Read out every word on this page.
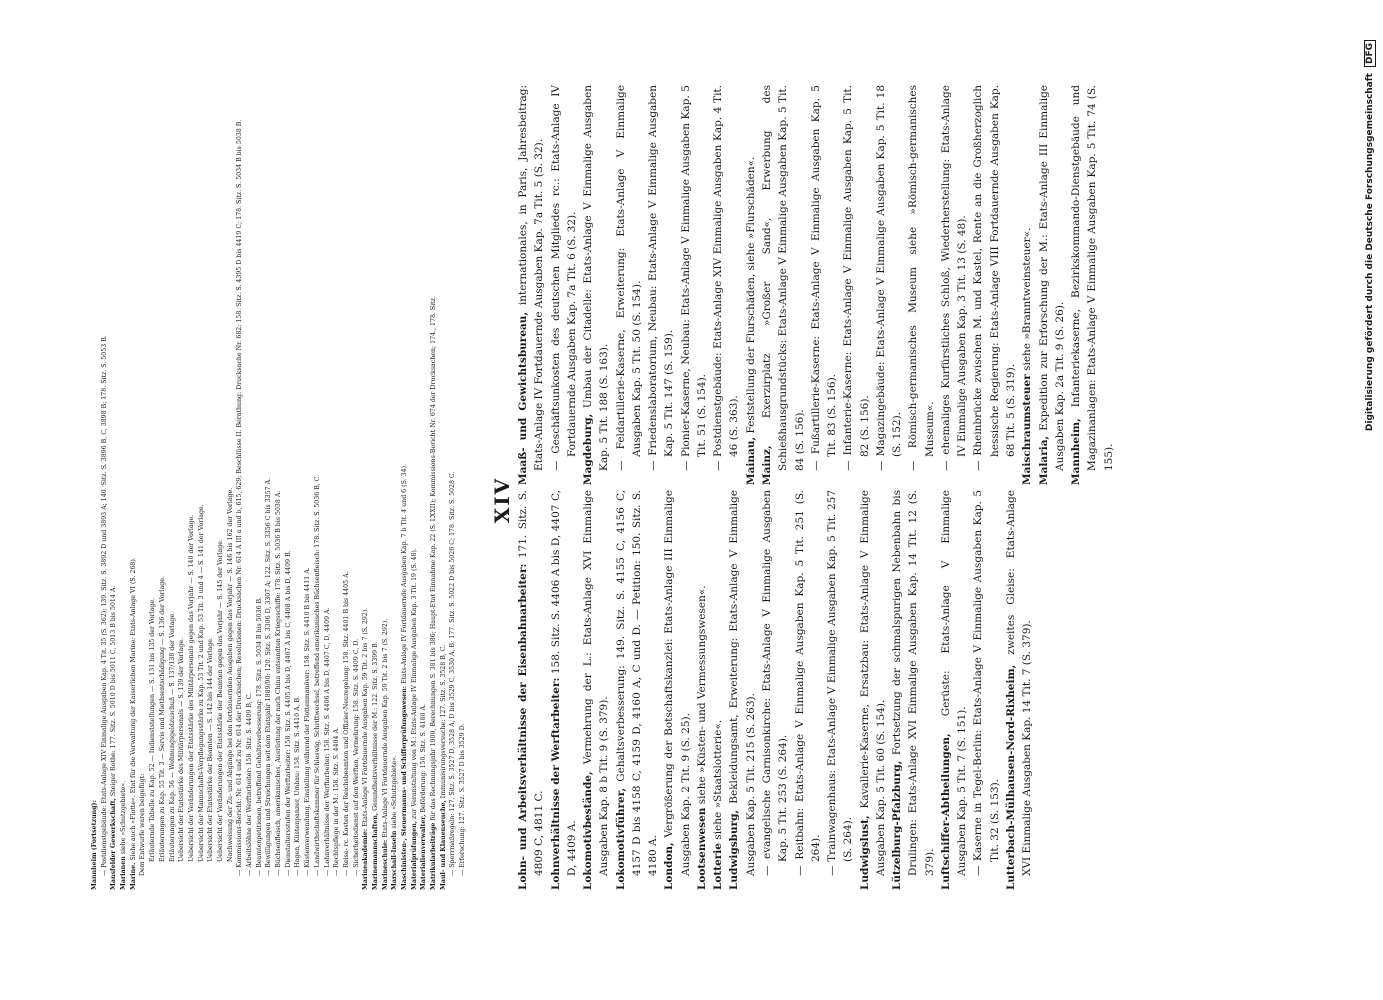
XIV
Lohn- und Arbeitsverhältnisse der Eisenbahnarbeiter: 171. Sitz. S. 4809 C, 4811 C. Lohnverhältnisse der Werftarbeiter: 158. Sitz. S. 4406 A bis D, 4407 C, D, 4409 A. Lokomotivbestände, Vermehrung der L.: Etats-Anlage XVI Einmalige Ausgaben Kap. 8 b Tit. 9 (S. 379). Lokomotivführer, Gehaltsverbesserung: 149. Sitz. S. 4155 C, 4156 C, 4157 D bis 4158 C, 4159 D, 4160 A, C und D. — Petition: 150. Sitz. S. 4180 A. London, Vergrößerung der Botschaftskanzlei: Etats-Anlage III Einmalige Ausgaben Kap. 2 Tit. 9 (S. 25). Lootsenwesen siehe »Küsten- und Vermessungswesen«.
Lotterie siehe »Staatslotterie«.
Ludwigsburg, Bekleidungsamt, Erweiterung: Etats-Anlage V Einmalige Ausgaben Kap. 5 Tit. 215 (S. 263). — evangelische Garnisonkirche: Etats-Anlage V Einmalige Ausgaben Kap. 5 Tit. 253 (S. 264). — Reitbahn: Etats-Anlage V Einmalige Ausgaben Kap. 5 Tit. 251 (S. 264). — Trainwagenhaus: Etats-Anlage V Einmalige Ausgaben Kap. 5 Tit. 257 (S. 264). Ludwigslust, Kavallerie-Kaserne, Ersatzbau: Etats-Anlage V Einmalige Ausgaben Kap. 5 Tit. 60 (S. 154). Lützelburg-Pfalzburg, Fortsetzung der schmalspurigen Nebenbahn bis Drulingen: Etats-Anlage XVI Einmalige Ausgaben Kap. 14 Tit. 12 (S. 379). Luftschiffer-Abtheilungen, Gerüste: Etats-Anlage V Einmalige Ausgaben Kap. 5 Tit. 7 (S. 151). — Kaserne in Tegel-Berlin: Etats-Anlage V Einmalige Ausgaben Kap. 5 Tit. 32 (S. 153). Lutterbach-Mülhausen-Nord-Rixheim, zweites Gleise: Etats-Anlage XVI Einmalige Ausgaben Kap. 14 Tit. 7 (S. 379).
Maaß- und Gewichtsbureau, internationales, in Paris, Jahresbeitrag: Etats-Anlage IV Fortdauernde Ausgaben Kap. 7a Tit. 5 (S. 32). — Geschäftsunkosten des deutschen Mitgliedes rc.: Etats-Anlage IV Fortdauernde Ausgaben Kap. 7a Tit. 6 (S. 32). Magdeburg, Umbau der Citadelle: Etats-Anlage V Einmalige Ausgaben Kap. 5 Tit. 188 (S. 163). — Feldartillerie-Kaserne, Erweiterung: Etats-Anlage V Einmalige Ausgaben Kap. 5 Tit. 50 (S. 154). — Friedenslaboratorium, Neubau: Etats-Anlage V Einmalige Ausgaben Kap. 5 Tit. 147 (S. 159). — Pionier-Kaserne, Neubau: Etats-Anlage V Einmalige Ausgaben Kap. 5 Tit. 51 (S. 154). — Postdienstgebäude: Etats-Anlage XIV Einmalige Ausgaben Kap. 4 Tit. 46 (S. 363).
Mainau, Feststellung der Flurschäden, siehe »Flurschäden«.
Mainz, Exerzirplatz »Großer Sand«, Erwerbung des Schießhausgrundstücks: Etats-Anlage V Einmalige Ausgaben Kap. 5 Tit. 84 (S. 156). — Fußartillerie-Kaserne: Etats-Anlage V Einmalige Ausgaben Kap. 5 Tit. 83 (S. 156). — Infanterie-Kaserne: Etats-Anlage V Einmalige Ausgaben Kap. 5 Tit. 82 (S. 156). — Magazingebäude: Etats-Anlage V Einmalige Ausgaben Kap. 5 Tit. 18 (S. 152). — Römisch-germanisches Museum siehe »Römisch-germanisches Museum«. — ehemaliges Kurfürstliches Schloß, Wiederherstellung: Etats-Anlage IV Einmalige Ausgaben Kap. 3 Tit. 13 (S. 48). — Rheinbrücke zwischen M. und Kastel, Rente an die Großherzoglich hessische Regierung: Etats-Anlage VIII Fortdauernde Ausgaben Kap. 68 Tit. 5 (S. 319). Maischraumsteuer siehe »Branntweinsteuer«.
Malaria, Expedition zur Erforschung der M.: Etats-Anlage III Einmalige Ausgaben Kap. 2a Tit. 9 (S. 26). Mannheim, Infanteriekaserne, Bezirkskommando-Dienstgebäude und Magazinanlagen: Etats-Anlage V Einmalige Ausgaben Kap. 5 Tit. 74 (S. 155).
Mannheim (Fortsetzung): — Postdienstgebäude: Etats-Anlage XIV Einmalige Ausgaben Kap. 4 Tit. 35 (S. 362); 139. Sitz. S. 3892 D und 3893 A; 140. Sitz. S. 3896 B, C, 3898 B; 178. Sitz. S. 5053 B. Mansfelder Gewerkschaft, Steiger Rothe: 177. Sitz. S. 5010 D bis 5011 C, 5013 B bis 5014 A.
Marianen siehe »Schutzgebiete«.
Marine. Siehe auch »Flotte«. Etat für die Verwaltung der Kaiserlichen Marine: Etats-Anlage VI (S. 268). Dem Entwurfe waren beigefügt: Erläuternde Tabelle zu Kap. 52 — Indienststellungen — S. 131 bis 135 der Vorlage. Erläuterungen zu Kap. 55 Tit. 3 — Servis und Miethsentschädigung — S. 136 der Vorlage. Erläuterungen zu Kap. 56 — Wohnungsgeldzuschuß — S. 137/138 der Vorlage. Uebersicht der Etatsstärke des Militärpersonals — S. 139 der Vorlage. Uebersicht der Veränderungen der Etatsstärke des Militärpersonals gegen das Vorjahr — S. 140 der Vorlage. Uebersicht der Mannschafts-Verpflegungsstärke zu Kap. 53 Tit. 2 und Kap. 53 Tit. 3 und 4 — S. 141 der Vorlage. Uebersicht der Etatsstärke der Beamten — S. 142 bis 144 der Vorlage. Uebersicht der Veränderungen der Etatsstärke der Beamten gegen das Vorjahr — S. 145 der Vorlage. Nachweisung der Zu- und Abgänge bei den fortdauernden Ausgaben gegen das Vorjahr — S. 146 bis 162 der Vorlage. — Kommissions-Bericht: Nr. 614 und zu Nr. 614 der Drucksachen; Resolutionen: Drucksachen Nr. 614 A III a und b, 615, 629; Beschlüsse II. Berathung: Drucksache Nr. 682; 158. Sitz. S. 4395 D bis 4419 C; 178. Sitz. S. 5034 B bis 5038 B. — Arbeitslöhne der Werftarbeiter: 158. Sitz. S. 4409 B, C. — Beamtenpetitionen, betreffend Gehaltsverbesserung: 178. Sitz. S. 5034 B bis 5036 B. — Bewilligungen und Streichungen seit dem Etatsjahr 1889/90: 120. Sitz. S. 3306 D, 3307 A; 122. Sitz. S. 3356 C bis 3357 A. — Büchsenfleisch, amerikanisches, Ausrüstung der nach China entsandten Kriegsschiffe: 178. Sitz. S. 5036 B bis 5038 A. — Dienstaltersstufen der Werftarbeiter: 158. Sitz. S. 4405 A bis D, 4407 A bis C, 4408 A bis D, 4409 B. — Hagen, Küstenpanzer, Umbau: 158. Sitz. S. 4410 A, B. — Küstenverwendung, Einstellung während der Flottenmanöver: 158. Sitz. S. 4410 B bis 4411 A. — Landwirthschaftskammer für Schleswig, Schriftwechsel, betreffend amerikanisches Büchsenfleisch: 178. Sitz. S. 5036 B, C. — Lohnverhältnisse der Werftarbeiter: 158. Sitz. S. 4406 A bis D, 4407 C, D, 4409 A. — Rechtspflege in der M.: 158. Sitz. S. 4404 A. — Reise- rc. Kosten der Reichsbeamten und Offizier-Neuregelung: 158. Sitz. 4401 B bis 4405 A. — Sicherheitsdienst auf den Werften, Vermehrung: 158. Sitz. S. 4409 C, D. Marineakademie: Etats-Anlage VI Fortdauernde Ausgaben Kap. 59 Tit. 2 bis 7 (S. 292).
Marinemannschaften, Gesundheitsverhältnisse der M.: 122. Sitz. S. 3399 B.
Marineschule: Etats-Anlage VI Fortdauernde Ausgaben Kap. 59 Tit. 2 bis 7 (S. 292).
Marschall-Inseln siehe »Schutzgebiete«. Maschinisten-, Steuermanns- und Schifferprüfungswesen: Etats-Anlage IV Fortdauernde Ausgaben Kap. 7 b Tit. 4 und 6 (S. 34).
Materialprüfungen, zur Veranstaltung von M.: Etats-Anlage IV Einmalige Ausgaben Kap. 3 Tit. 19 (S. 48).
Materialienverwalter, Beförderung: 150. Sitz. S. 4180 A.
Matrikularbeiträge für das Rechnungsjahr 1900, Berechnungen S. 381 bis 386; Haupt-Etat Einnahme Kap. 22 (S. LXXII); Kommissions-Bericht Nr. 674 der Drucksachen; 174., 178. Sitz.
Maul- und Klauenseuche, Immunisirungsversuche: 127. Sitz. S. 3528 B, C. — Sperrmaßregeln: 127. Sitz. S. 3527 D, 3528 A, D bis 3529 C, 3530 A, B; 177. Sitz. S. 5022 D bis 5026 C; 178. Sitz. S. 5028 C. — Erforschung: 127. Sitz. S. 3527 D bis 3529 D.
Digitalisierung gefördert durch die Deutsche Forschungsgemeinschaft
DFG
